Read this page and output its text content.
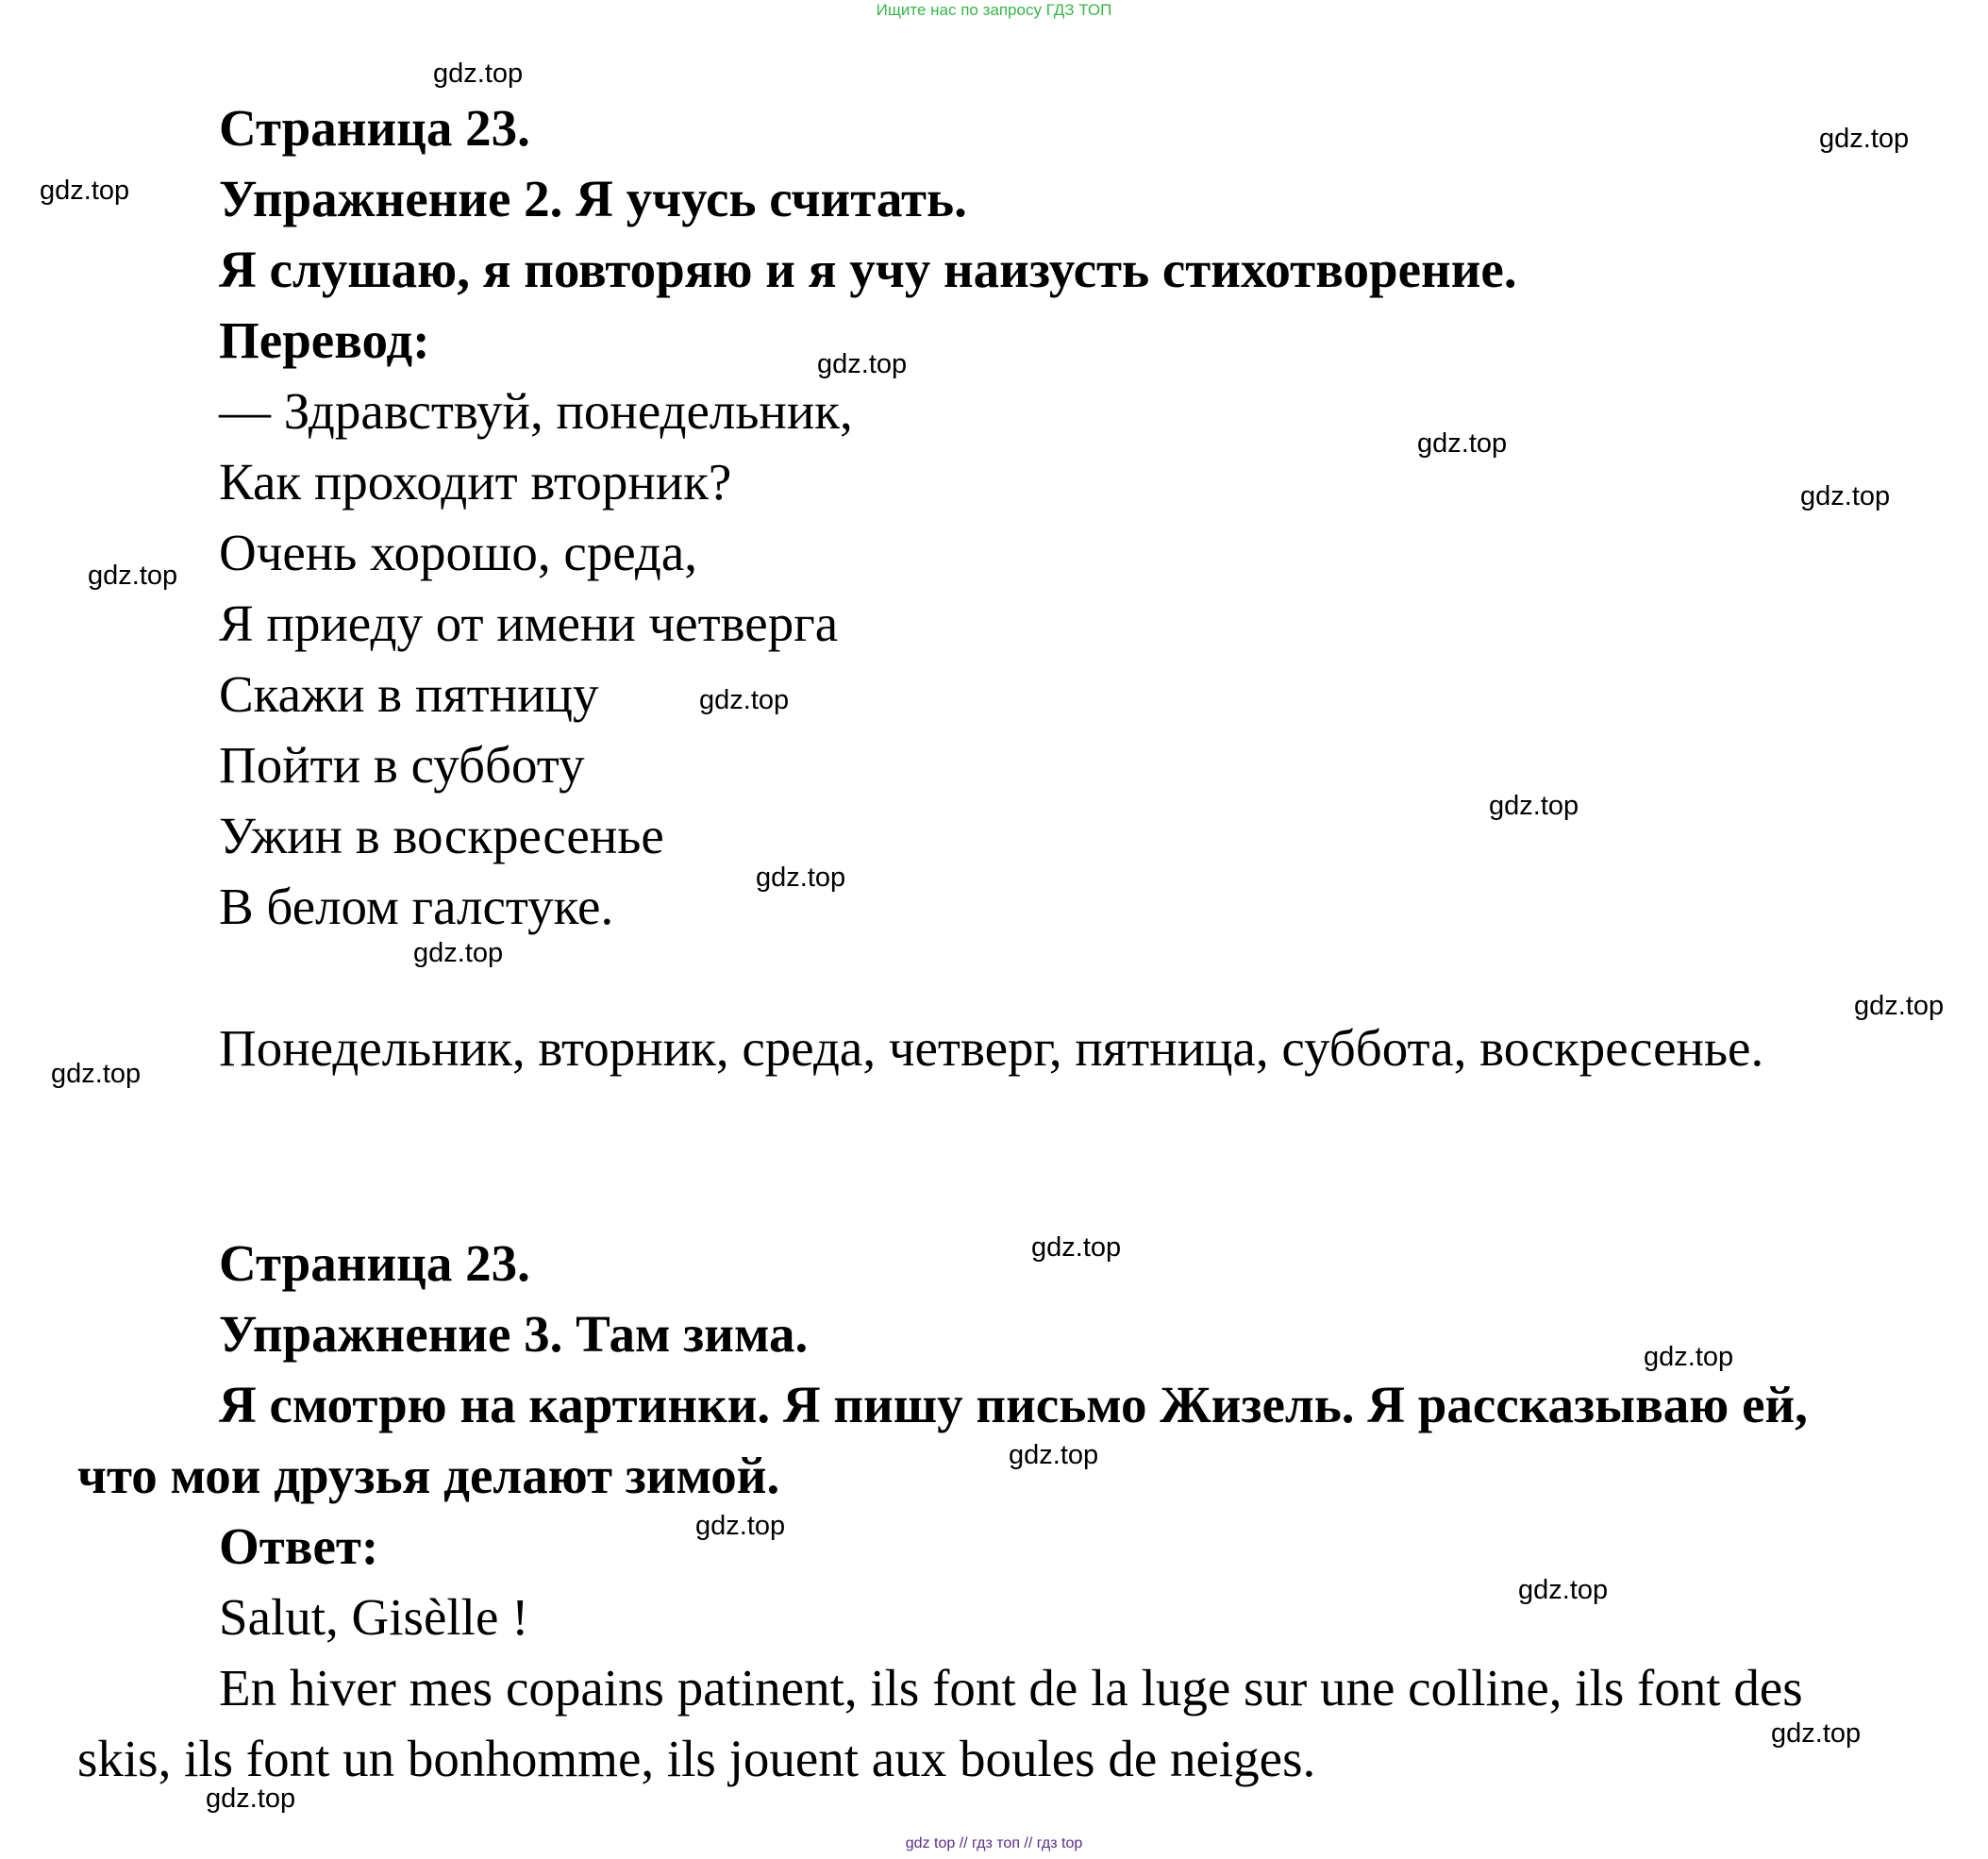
Ищите нас по запросу ГДЗ ТОП
Страница 23.
Упражнение 2. Я учусь считать.
Я слушаю, я повторяю и я учу наизусть стихотворение.
Перевод:
— Здравствуй, понедельник,
Как проходит вторник?
Очень хорошо, среда,
Я приеду от имени четверга
Скажи в пятницу
Пойти в субботу
Ужин в воскресенье
В белом галстуке.
Понедельник, вторник, среда, четверг, пятница, суббота, воскресенье.
Страница 23.
Упражнение 3. Там зима.
Я смотрю на картинки. Я пишу письмо Жизель. Я рассказываю ей,
что мои друзья делают зимой.
Ответ:
Salut, Gisèlle !
En hiver mes copains patinent, ils font de la luge sur une colline, ils font des
skis, ils font un bonhomme, ils jouent aux boules de neiges.
gdz.top
gdz.top
gdz.top
gdz.top
gdz.top
gdz.top
gdz.top
gdz.top
gdz.top
gdz.top
gdz.top
gdz.top
gdz.top
gdz.top
gdz.top
gdz.top
gdz.top
gdz.top
gdz.top
gdz.top
gdz top // гдз топ // гдз top
